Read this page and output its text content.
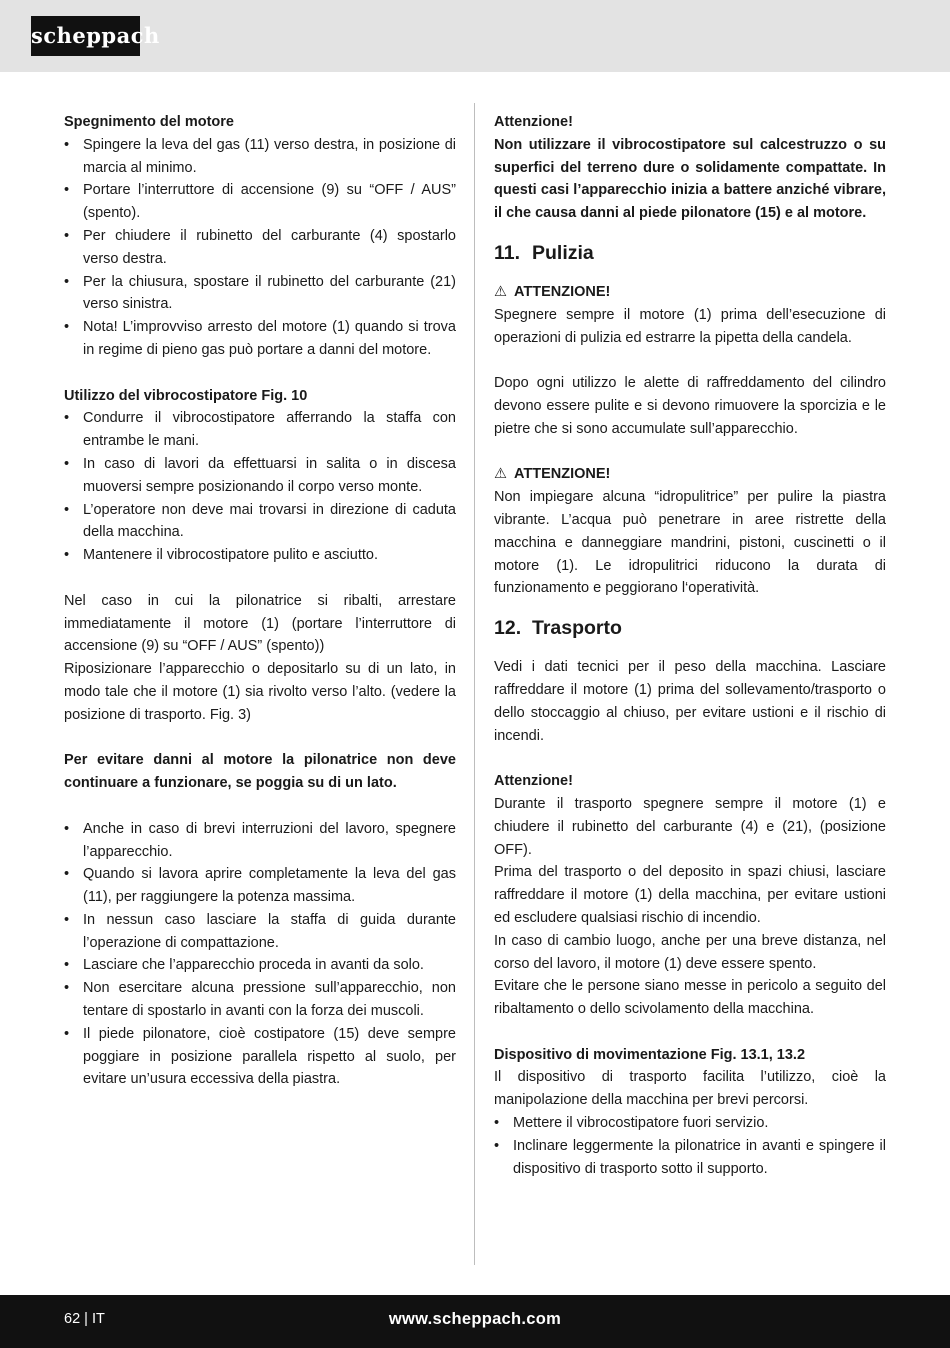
scheppach
Spegnimento del motore
• Spingere la leva del gas (11) verso destra, in posizione di marcia al minimo.
• Portare l’interruttore di accensione (9) su “OFF / AUS” (spento).
• Per chiudere il rubinetto del carburante (4) spostarlo verso destra.
• Per la chiusura, spostare il rubinetto del carburante (21) verso sinistra.
• Nota! L’improvviso arresto del motore (1) quando si trova in regime di pieno gas può portare a danni del motore.
Utilizzo del vibrocostipatore Fig. 10
• Condurre il vibrocostipatore afferrando la staffa con entrambe le mani.
• In caso di lavori da effettuarsi in salita o in discesa muoversi sempre posizionando il corpo verso monte.
• L’operatore non deve mai trovarsi in direzione di caduta della macchina.
• Mantenere il vibrocostipatore pulito e asciutto.
Nel caso in cui la pilonatrice si ribalti, arrestare immediatamente il motore (1) (portare l’interruttore di accensione (9) su “OFF / AUS” (spento))
Riposizionare l’apparecchio o depositarlo su di un lato, in modo tale che il motore (1) sia rivolto verso l’alto. (vedere la posizione di trasporto. Fig. 3)
Per evitare danni al motore la pilonatrice non deve continuare a funzionare, se poggia su di un lato.
• Anche in caso di brevi interruzioni del lavoro, spegnere l’apparecchio.
• Quando si lavora aprire completamente la leva del gas (11), per raggiungere la potenza massima.
• In nessun caso lasciare la staffa di guida durante l’operazione di compattazione.
• Lasciare che l’apparecchio proceda in avanti da solo.
• Non esercitare alcuna pressione sull’apparecchio, non tentare di spostarlo in avanti con la forza dei muscoli.
• Il piede pilonatore, cioè costipatore (15) deve sempre poggiare in posizione parallela rispetto al suolo, per evitare un’usura eccessiva della piastra.
Attenzione!
Non utilizzare il vibrocostipatore sul calcestruzzo o su superfici del terreno dure o solidamente compattate. In questi casi l’apparecchio inizia a battere anziché vibrare, il che causa danni al piede pilonatore (15) e al motore.
11. Pulizia
⚠ ATTENZIONE!
Spegnere sempre il motore (1) prima dell’esecuzione di operazioni di pulizia ed estrarre la pipetta della candela.
Dopo ogni utilizzo le alette di raffreddamento del cilindro devono essere pulite e si devono rimuovere la sporcizia e le pietre che si sono accumulate sull’apparecchio.
⚠ ATTENZIONE!
Non impiegare alcuna “idropulitrice” per pulire la piastra vibrante. L’acqua può penetrare in aree ristrette della macchina e danneggiare mandrini, pistoni, cuscinetti o il motore (1). Le idropulitrici riducono la durata di funzionamento e peggiorano l‘operatività.
12. Trasporto
Vedi i dati tecnici per il peso della macchina. Lasciare raffreddare il motore (1) prima del sollevamento/trasporto o dello stoccaggio al chiuso, per evitare ustioni e il rischio di incendi.
Attenzione!
Durante il trasporto spegnere sempre il motore (1) e chiudere il rubinetto del carburante (4) e (21), (posizione OFF).
Prima del trasporto o del deposito in spazi chiusi, lasciare raffreddare il motore (1) della macchina, per evitare ustioni ed escludere qualsiasi rischio di incendio.
In caso di cambio luogo, anche per una breve distanza, nel corso del lavoro, il motore (1) deve essere spento.
Evitare che le persone siano messe in pericolo a seguito del ribaltamento o dello scivolamento della macchina.
Dispositivo di movimentazione Fig. 13.1, 13.2
Il dispositivo di trasporto facilita l’utilizzo, cioè la manipolazione della macchina per brevi percorsi.
• Mettere il vibrocostipatore fuori servizio.
• Inclinare leggermente la pilonatrice in avanti e spingere il dispositivo di trasporto sotto il supporto.
www.scheppach.com
62 | IT
